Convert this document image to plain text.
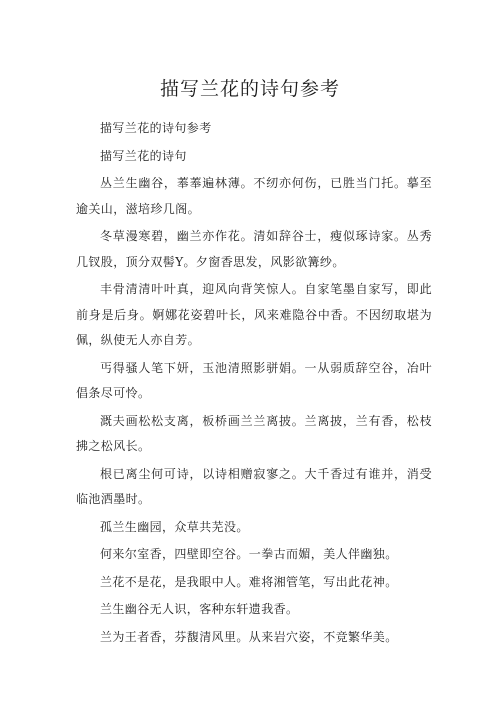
描写兰花的诗句参考

描写兰花的诗句参考

描写兰花的诗句

丛兰生幽谷，菶菶遍林薄。不纫亦何伤，已胜当门托。摹至逾关山，滋培珍几阁。

冬草漫寒碧，幽兰亦作花。清如辞谷士，瘦似琢诗家。丛秀几钗股，顶分双髻Y。夕窗香思发，风影欲篝纱。

丰骨清清叶叶真，迎风向背笑惊人。自家笔墨自家写，即此前身是后身。婀娜花姿碧叶长，风来难隐谷中香。不因纫取堪为佩，纵使无人亦自芳。

丐得骚人笔下妍，玉池清照影骈娟。一从弱质辞空谷，冶叶倡条尽可怜。

溉夫画松松支离，板桥画兰兰离披。兰离披，兰有香，松枝拂之松风长。

根已离尘何可诗，以诗相赠寂寥之。大千香过有谁并，消受临池洒墨时。

孤兰生幽园，众草共芜没。

何来尔室香，四壁即空谷。一拳古而媚，美人伴幽独。

兰花不是花，是我眼中人。难将湘管笔，写出此花神。

兰生幽谷无人识，客种东轩遗我香。

兰为王者香，芬馥清风里。从来岩穴姿，不竞繁华美。
